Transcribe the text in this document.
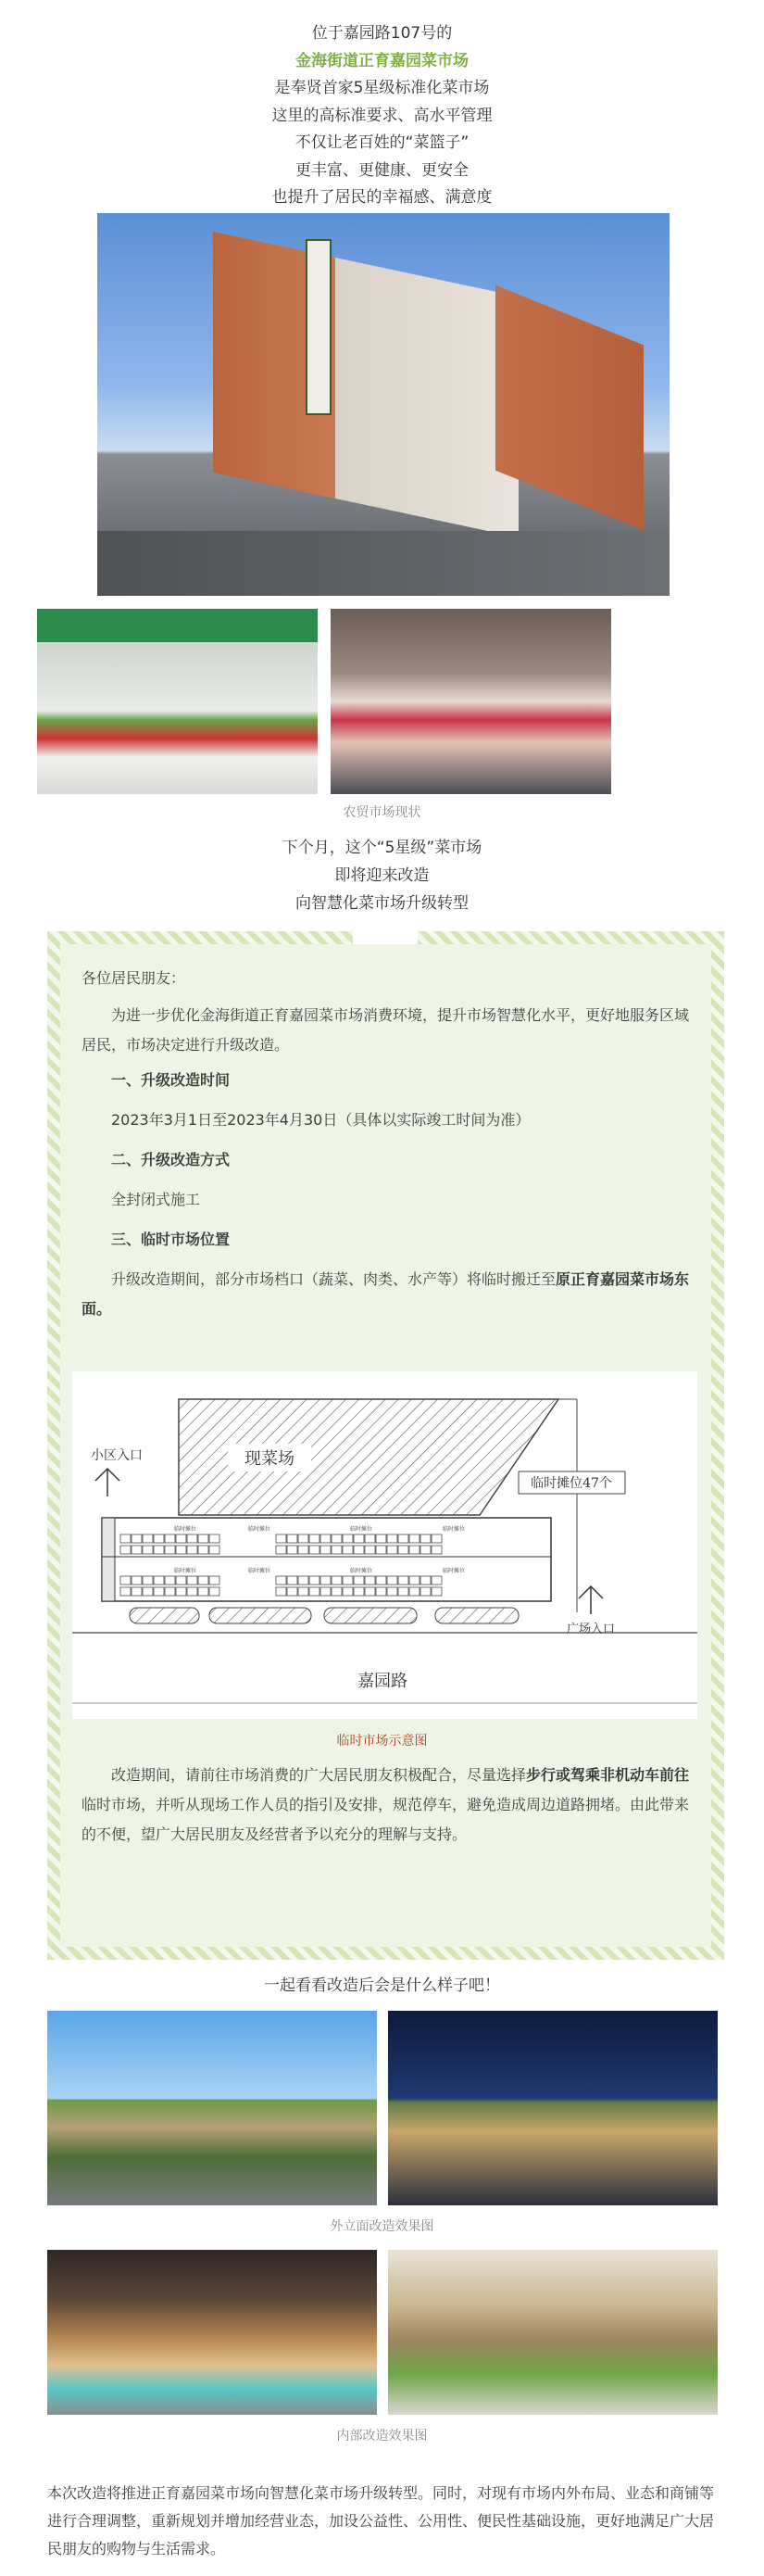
位于嘉园路107号的
金海街道正育嘉园菜市场
是奉贤首家5星级标准化菜市场
这里的高标准要求、高水平管理
不仅让老百姓的“菜篮子”
更丰富、更健康、更安全
也提升了居民的幸福感、满意度
农贸市场现状
下个月，这个“5星级”菜市场
即将迎来改造
向智慧化菜市场升级转型
各位居民朋友：
为进一步优化金海街道正育嘉园菜市场消费环境，提升市场智慧化水平，更好地服务区域居民，市场决定进行升级改造。
一、升级改造时间
2023年3月1日至2023年4月30日（具体以实际竣工时间为准）
二、升级改造方式
全封闭式施工
三、临时市场位置
升级改造期间，部分市场档口（蔬菜、肉类、水产等）将临时搬迁至原正育嘉园菜市场东面。
现菜场
临时摊位47个
小区入口
临时摊位	临时摊位	临时摊位	临时摊位
临时摊位	临时摊位	临时摊位	临时摊位
广场入口
嘉园路
临时市场示意图
改造期间，请前往市场消费的广大居民朋友积极配合，尽量选择步行或驾乘非机动车前往临时市场，并听从现场工作人员的指引及安排，规范停车，避免造成周边道路拥堵。由此带来的不便，望广大居民朋友及经营者予以充分的理解与支持。
一起看看改造后会是什么样子吧！
外立面改造效果图
内部改造效果图
本次改造将推进正育嘉园菜市场向智慧化菜市场升级转型。同时，对现有市场内外布局、业态和商铺等进行合理调整，重新规划并增加经营业态，加设公益性、公用性、便民性基础设施，更好地满足广大居民朋友的购物与生活需求。
